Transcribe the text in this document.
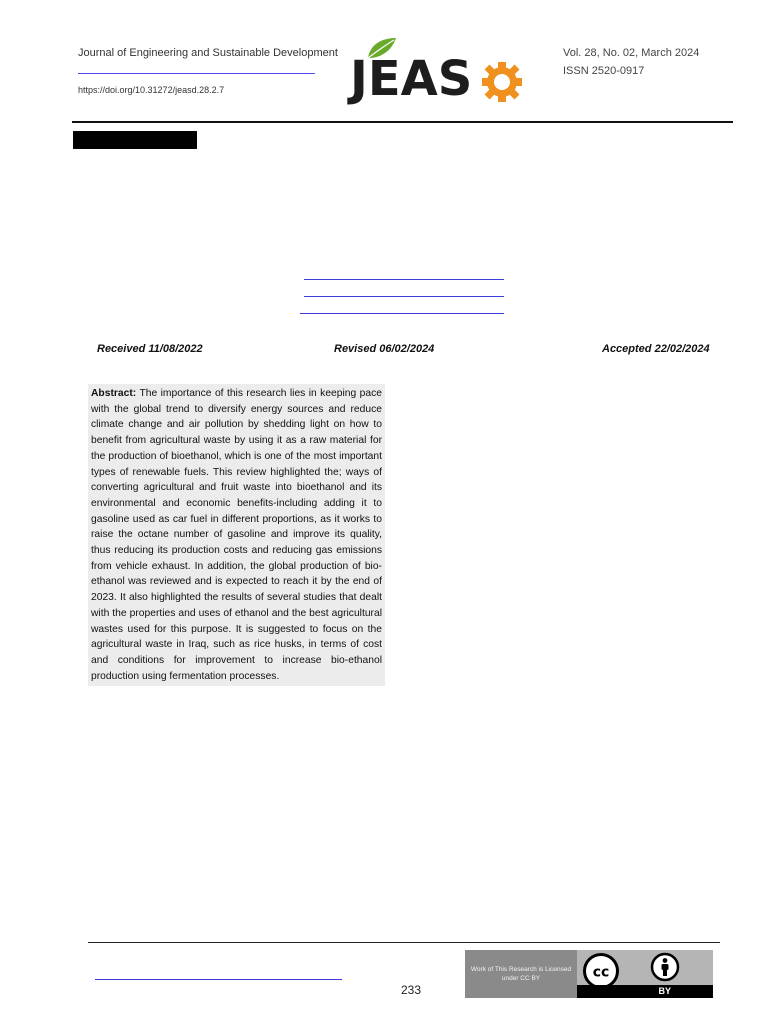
Journal of Engineering and Sustainable Development
https://doi.org/10.31272/jeasd.28.2.7	JEAS	Vol. 28, No. 02, March 2024
ISSN 2520-0917
Received 11/08/2022	Revised 06/02/2024	Accepted 22/02/2024
Abstract: The importance of this research lies in keeping pace with the global trend to diversify energy sources and reduce climate change and air pollution by shedding light on how to benefit from agricultural waste by using it as a raw material for the production of bioethanol, which is one of the most important types of renewable fuels. This review highlighted the; ways of converting agricultural and fruit waste into bioethanol and its environmental and economic benefits-including adding it to gasoline used as car fuel in different proportions, as it works to raise the octane number of gasoline and improve its quality, thus reducing its production costs and reducing gas emissions from vehicle exhaust. In addition, the global production of bio-ethanol was reviewed and is expected to reach it by the end of 2023. It also highlighted the results of several studies that dealt with the properties and uses of ethanol and the best agricultural wastes used for this purpose. It is suggested to focus on the agricultural waste in Iraq, such as rice husks, in terms of cost and conditions for improvement to increase bio-ethanol production using fermentation processes.
233
Work of This Research is Licensed under CC BY	cc
BY
